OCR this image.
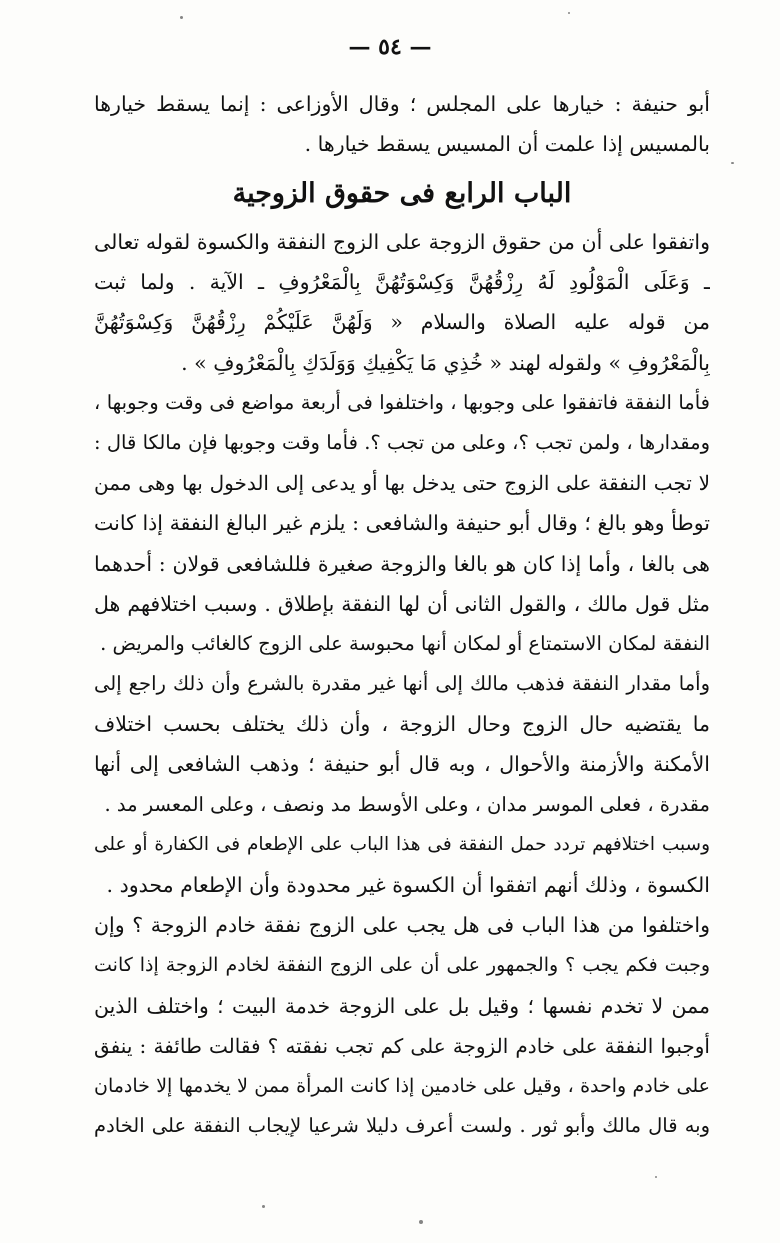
— ٥٤ —
أبو حنيفة : خيارها على المجلس ؛ وقال الأوزاعى : إنما يسقط خيارها
بالمسيس إذا علمت أن المسيس يسقط خيارها .
الباب الرابع فى حقوق الزوجية
واتفقوا على أن من حقوق الزوجة على الزوج النفقة والكسوة لقوله تعالى
ـ وَعَلَى الْمَوْلُودِ لَهُ رِزْقُهُنَّ وَكِسْوَتُهُنَّ بِالْمَعْرُوفِ ـ الآية . ولما ثبت
من قوله عليه الصلاة والسلام « وَلَهُنَّ عَلَيْكُمْ رِزْقُهُنَّ وَكِسْوَتُهُنَّ
بِالْمَعْرُوفِ » ولقوله لهند « خُذِي مَا يَكْفِيكِ وَوَلَدَكِ بِالْمَعْرُوفِ » .
فأما النفقة فاتفقوا على وجوبها ، واختلفوا فى أربعة مواضع فى وقت وجوبها ،
ومقدارها ، ولمن تجب ؟، وعلى من تجب ؟. فأما وقت وجوبها فإن مالكا قال :
لا تجب النفقة على الزوج حتى يدخل بها أو يدعى إلى الدخول بها وهى ممن
توطأ وهو بالغ ؛ وقال أبو حنيفة والشافعى : يلزم غير البالغ النفقة إذا كانت
هى بالغا ، وأما إذا كان هو بالغا والزوجة صغيرة فللشافعى قولان : أحدهما
مثل قول مالك ، والقول الثانى أن لها النفقة بإطلاق . وسبب اختلافهم هل
النفقة لمكان الاستمتاع أو لمكان أنها محبوسة على الزوج كالغائب والمريض .
وأما مقدار النفقة فذهب مالك إلى أنها غير مقدرة بالشرع وأن ذلك راجع إلى
ما يقتضيه حال الزوج وحال الزوجة ، وأن ذلك يختلف بحسب اختلاف
الأمكنة والأزمنة والأحوال ، وبه قال أبو حنيفة ؛ وذهب الشافعى إلى أنها
مقدرة ، فعلى الموسر مدان ، وعلى الأوسط مد ونصف ، وعلى المعسر مد .
وسبب اختلافهم تردد حمل النفقة فى هذا الباب على الإطعام فى الكفارة أو على
الكسوة ، وذلك أنهم اتفقوا أن الكسوة غير محدودة وأن الإطعام محدود .
واختلفوا من هذا الباب فى هل يجب على الزوج نفقة خادم الزوجة ؟ وإن
وجبت فكم يجب ؟ والجمهور على أن على الزوج النفقة لخادم الزوجة إذا كانت
ممن لا تخدم نفسها ؛ وقيل بل على الزوجة خدمة البيت ؛ واختلف الذين
أوجبوا النفقة على خادم الزوجة على كم تجب نفقته ؟ فقالت طائفة : ينفق
على خادم واحدة ، وقيل على خادمين إذا كانت المرأة ممن لا يخدمها إلا خادمان
وبه قال مالك وأبو ثور . ولست أعرف دليلا شرعيا لإيجاب النفقة على الخادم
